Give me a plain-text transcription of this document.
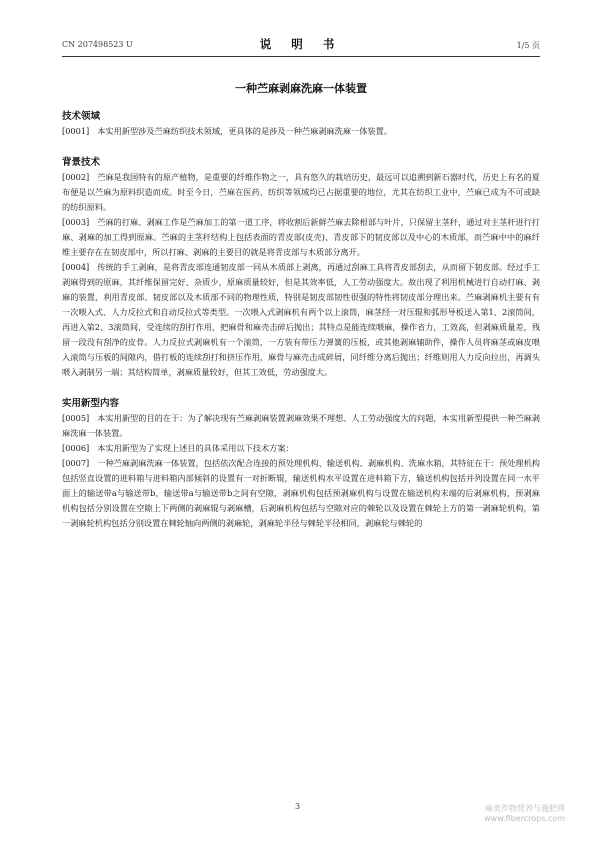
CN 207498523 U	说 明 书	1/5 页
一种苎麻剥麻洗麻一体装置
技术领域

[0001] 本实用新型涉及苎麻纺织技术领域，更具体的是涉及一种苎麻剥麻洗麻一体装置。

背景技术

[0002] 苎麻是我国特有的原产植物，是重要的纤维作物之一，具有悠久的栽培历史，最远可以追溯到新石器时代，历史上有名的夏布便是以苎麻为原料织造而成。时至今日，苎麻在医药、纺织等领域均已占据重要的地位，尤其在纺织工业中，苎麻已成为不可或缺的纺织原料。

[0003] 苎麻的打麻、剥麻工作是苎麻加工的第一道工序，将收割后新鲜苎麻去除根部与叶片，只保留主茎秆，通过对主茎秆进行打麻、剥麻的加工得到原麻。苎麻的主茎秆结构上包括表面的青皮部(皮壳)、青皮部下的韧皮部以及中心的木质部，而苎麻中中的麻纤维主要存在在韧皮部中，所以打麻、剥麻的主要目的就是将青皮部与木质部分离开。

[0004] 传统的手工剥麻，是将青皮部连通韧皮部一同从木质部上剥离，再通过刮麻工具将青皮部刮去，从而留下韧皮部。经过手工剥麻得到的原麻，其纤维保留完好、杂质少，原麻质量较好，但是其效率低，人工劳动强度大。故出现了利用机械进行自动打麻、剥麻的装置，利用青皮部、韧皮部以及木质部不同的物理性质，特别是韧皮部韧性很强的特性将韧皮部分理出来。苎麻剥麻机主要有有一次喂入式、人力反拉式和自动反拉式等类型。一次喂入式剥麻机有两个以上滚筒，麻茎经一对压辊和弧形导板送入第1、2滚筒间，再进入第2、3滚筒间，受连续的刮打作用，把麻骨和麻壳击碎后抛出；其特点是能连续喂麻，操作省力，工效高，但剥麻质量差，残留一段没有刮净的皮骨。人力反拉式剥麻机有一个滚筒，一方装有带压力弹簧的压板，或其他剥麻辅助件，操作人员将麻茎或麻皮喂入滚筒与压板的间隙内，借打板的连续刮打和挤压作用，麻骨与麻壳击成碎屑，同纤维分离后抛出；纤维则用人力反向拉出，再调头喂入剥制另一端；其结构简单，剥麻质量较好，但其工效低，劳动强度大。

实用新型内容

[0005] 本实用新型的目的在于：为了解决现有苎麻剥麻装置剥麻效果不理想、人工劳动强度大的问题，本实用新型提供一种苎麻剥麻洗麻一体装置。

[0006] 本实用新型为了实现上述目的具体采用以下技术方案：

[0007] 一种苎麻剥麻洗麻一体装置，包括依次配合连接的预处理机构、输送机构、剥麻机构、洗麻水箱，其特征在于：预处理机构包括竖直设置的进料箱与进料箱内部倾斜的设置有一对折断辊，输送机构水平设置在进料箱下方，输送机构包括并列设置在同一水平面上的输送带a与输送带b，输送带a与输送带b之间有空隙，剥麻机构包括预剥麻机构与设置在输送机构末端的后剥麻机构，预剥麻机构包括分别设置在空隙上下两侧的剥麻辊与剥麻槽，后剥麻机构包括与空隙对应的棘轮以及设置在棘轮上方的第一剥麻轮机构，第一剥麻轮机构包括分别设置在棘轮轴向两侧的剥麻轮，剥麻轮半径与棘轮半径相同，剥麻轮与棘轮的

3	麻类作物营养与施肥网
www.fibercrops.com
